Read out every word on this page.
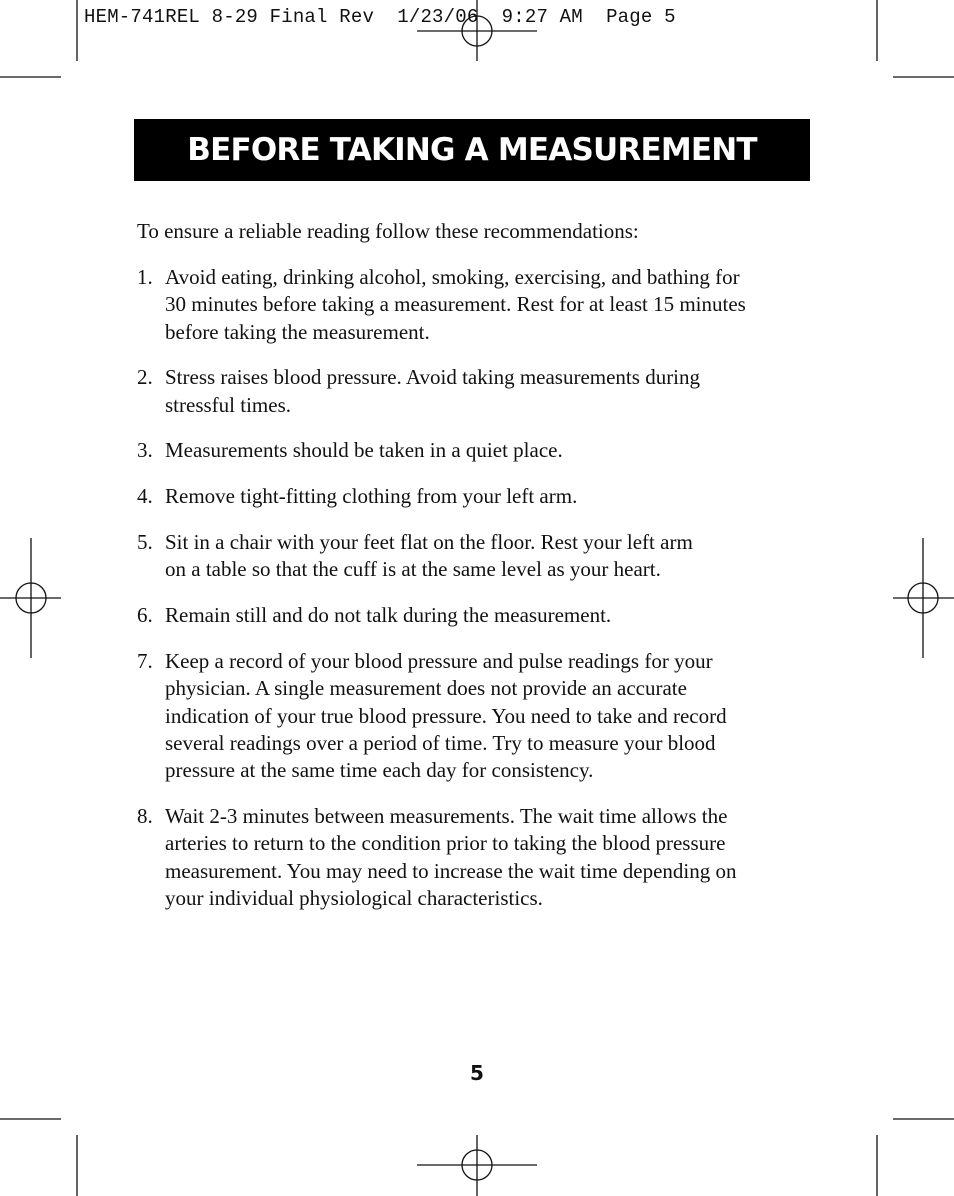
HEM-741REL 8-29 Final Rev  1/23/06  9:27 AM  Page 5
BEFORE TAKING A MEASUREMENT

To ensure a reliable reading follow these recommendations:

1. Avoid eating, drinking alcohol, smoking, exercising, and bathing for
30 minutes before taking a measurement. Rest for at least 15 minutes
before taking the measurement.
2. Stress raises blood pressure. Avoid taking measurements during
stressful times.
3. Measurements should be taken in a quiet place.
4. Remove tight-fitting clothing from your left arm.
5. Sit in a chair with your feet flat on the floor. Rest your left arm
on a table so that the cuff is at the same level as your heart.
6. Remain still and do not talk during the measurement.
7. Keep a record of your blood pressure and pulse readings for your
physician. A single measurement does not provide an accurate
indication of your true blood pressure. You need to take and record
several readings over a period of time. Try to measure your blood
pressure at the same time each day for consistency.
8. Wait 2-3 minutes between measurements. The wait time allows the
arteries to return to the condition prior to taking the blood pressure
measurement. You may need to increase the wait time depending on
your individual physiological characteristics.
5
